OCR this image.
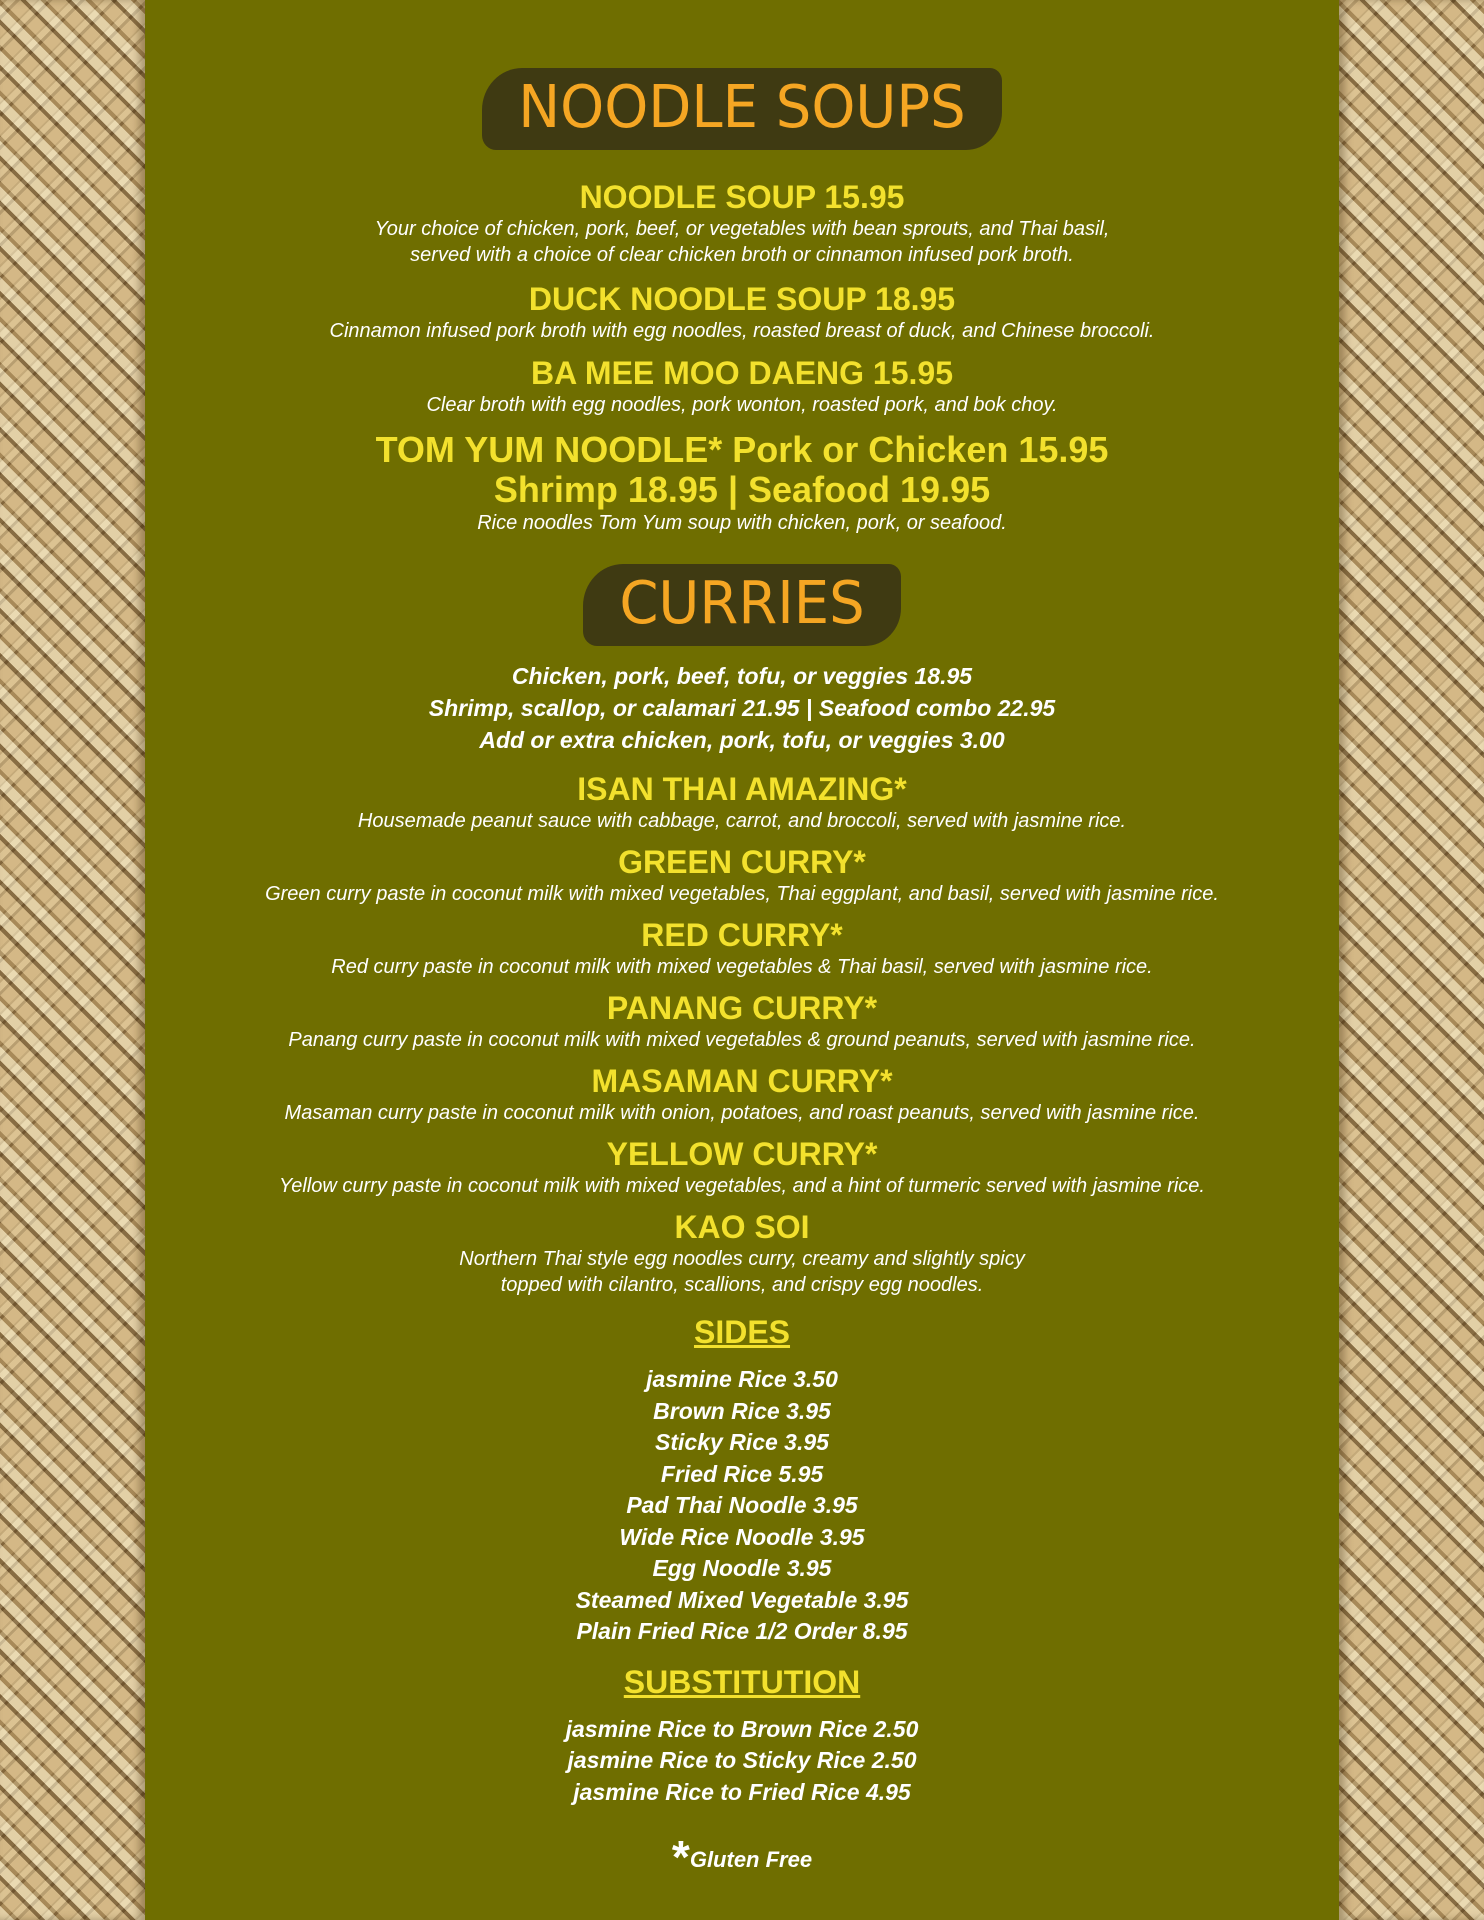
NOODLE SOUPS

NOODLE SOUP 15.95

Your choice of chicken, pork, beef, or vegetables with bean sprouts, and Thai basil,

served with a choice of clear chicken broth or cinnamon infused pork broth.

DUCK NOODLE SOUP 18.95

Cinnamon infused pork broth with egg noodles, roasted breast of duck, and Chinese broccoli.

BA MEE MOO DAENG 15.95

Clear broth with egg noodles, pork wonton, roasted pork, and bok choy.

TOM YUM NOODLE* Pork or Chicken 15.95

Shrimp 18.95 | Seafood 19.95

Rice noodles Tom Yum soup with chicken, pork, or seafood.

CURRIES

Chicken, pork, beef, tofu, or veggies 18.95

Shrimp, scallop, or calamari 21.95 | Seafood combo 22.95

Add or extra chicken, pork, tofu, or veggies 3.00

ISAN THAI AMAZING*

Housemade peanut sauce with cabbage, carrot, and broccoli, served with jasmine rice.

GREEN CURRY*

Green curry paste in coconut milk with mixed vegetables, Thai eggplant, and basil, served with jasmine rice.

RED CURRY*

Red curry paste in coconut milk with mixed vegetables & Thai basil, served with jasmine rice.

PANANG CURRY*

Panang curry paste in coconut milk with mixed vegetables & ground peanuts, served with jasmine rice.

MASAMAN CURRY*

Masaman curry paste in coconut milk with onion, potatoes, and roast peanuts, served with jasmine rice.

YELLOW CURRY*

Yellow curry paste in coconut milk with mixed vegetables, and a hint of turmeric served with jasmine rice.

KAO SOI

Northern Thai style egg noodles curry, creamy and slightly spicy

topped with cilantro, scallions, and crispy egg noodles.

SIDES

jasmine Rice 3.50

Brown Rice 3.95

Sticky Rice 3.95

Fried Rice 5.95

Pad Thai Noodle 3.95

Wide Rice Noodle 3.95

Egg Noodle 3.95

Steamed Mixed Vegetable 3.95

Plain Fried Rice 1/2 Order 8.95

SUBSTITUTION

jasmine Rice to Brown Rice 2.50

jasmine Rice to Sticky Rice 2.50

jasmine Rice to Fried Rice 4.95

*Gluten Free
